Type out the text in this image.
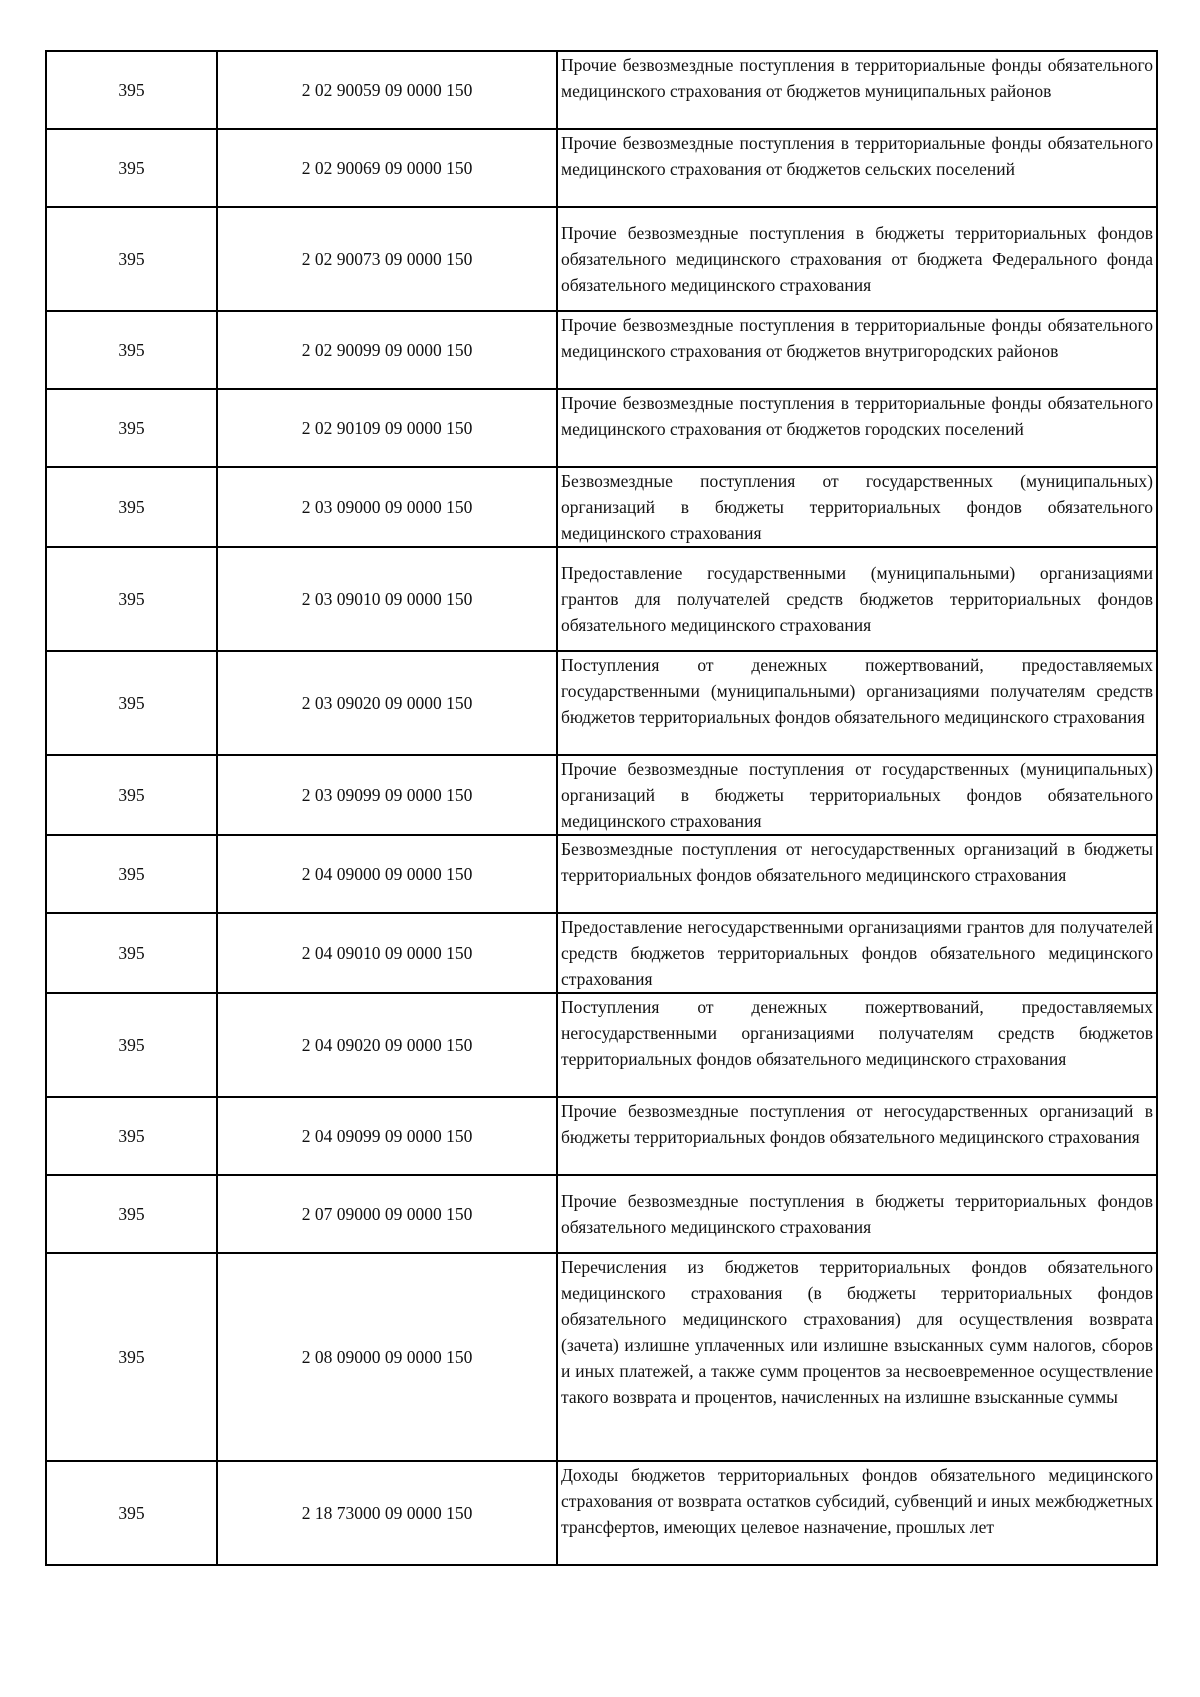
395	2 02 90059 09 0000 150	Прочие безвозмездные поступления в территориальные фонды обязательного медицинского страхования от бюджетов муниципальных районов
395	2 02 90069 09 0000 150	Прочие безвозмездные поступления в территориальные фонды обязательного медицинского страхования от бюджетов сельских поселений
395	2 02 90073 09 0000 150	Прочие безвозмездные поступления в бюджеты территориальных фондов обязательного медицинского страхования от бюджета Федерального фонда обязательного медицинского страхования
395	2 02 90099 09 0000 150	Прочие безвозмездные поступления в территориальные фонды обязательного медицинского страхования от бюджетов внутригородских районов
395	2 02 90109 09 0000 150	Прочие безвозмездные поступления в территориальные фонды обязательного медицинского страхования от бюджетов городских поселений
395	2 03 09000 09 0000 150	Безвозмездные поступления от государственных (муниципальных) организаций в бюджеты территориальных фондов обязательного медицинского страхования
395	2 03 09010 09 0000 150	Предоставление государственными (муниципальными) организациями грантов для получателей средств бюджетов территориальных фондов обязательного медицинского страхования
395	2 03 09020 09 0000 150	Поступления от денежных пожертвований, предоставляемых государственными (муниципальными) организациями получателям средств бюджетов территориальных фондов обязательного медицинского страхования
395	2 03 09099 09 0000 150	Прочие безвозмездные поступления от государственных (муниципальных) организаций в бюджеты территориальных фондов обязательного медицинского страхования
395	2 04 09000 09 0000 150	Безвозмездные поступления от негосударственных организаций в бюджеты территориальных фондов обязательного медицинского страхования
395	2 04 09010 09 0000 150	Предоставление негосударственными организациями грантов для получателей средств бюджетов территориальных фондов обязательного медицинского страхования
395	2 04 09020 09 0000 150	Поступления от денежных пожертвований, предоставляемых негосударственными организациями получателям средств бюджетов территориальных фондов обязательного медицинского страхования
395	2 04 09099 09 0000 150	Прочие безвозмездные поступления от негосударственных организаций в бюджеты территориальных фондов обязательного медицинского страхования
395	2 07 09000 09 0000 150	Прочие безвозмездные поступления в бюджеты территориальных фондов обязательного медицинского страхования
395	2 08 09000 09 0000 150	Перечисления из бюджетов территориальных фондов обязательного медицинского страхования (в бюджеты территориальных фондов обязательного медицинского страхования) для осуществления возврата (зачета) излишне уплаченных или излишне взысканных сумм налогов, сборов и иных платежей, а также сумм процентов за несвоевременное осуществление такого возврата и процентов, начисленных на излишне взысканные суммы
395	2 18 73000 09 0000 150	Доходы бюджетов территориальных фондов обязательного медицинского страхования от возврата остатков субсидий, субвенций и иных межбюджетных трансфертов, имеющих целевое назначение, прошлых лет
